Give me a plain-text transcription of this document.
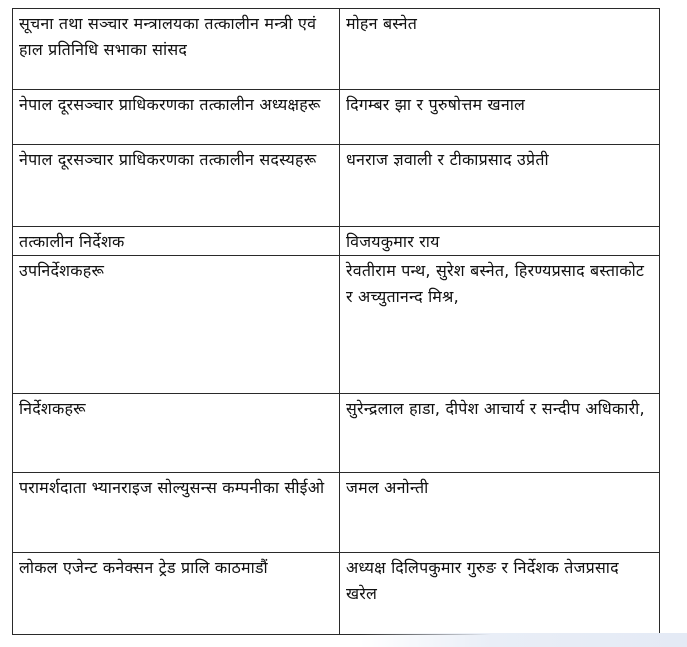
सूचना तथा सञ्चार मन्त्रालयका तत्कालीन मन्त्री एवं हाल प्रतिनिधि सभाका सांसद	मोहन बस्नेत

नेपाल दूरसञ्चार प्राधिकरणका तत्कालीन अध्यक्षहरू	दिगम्बर झा र पुरुषोत्तम खनाल

नेपाल दूरसञ्चार प्राधिकरणका तत्कालीन सदस्यहरू	धनराज ज्ञवाली र टीकाप्रसाद उप्रेती

तत्कालीन निर्देशक	विजयकुमार राय

उपनिर्देशकहरू	रेवतीराम पन्थ, सुरेश बस्नेत, हिरण्यप्रसाद बस्ताकोट र अच्युतानन्द मिश्र,

निर्देशकहरू	सुरेन्द्रलाल हाडा, दीपेश आचार्य र सन्दीप अधिकारी,

परामर्शदाता भ्यानराइज सोल्युसन्स कम्पनीका सीईओ	जमल अनोन्ती

लोकल एजेन्ट कनेक्सन ट्रेड प्रालि काठमाडौं	अध्यक्ष दिलिपकुमार गुरुङ र निर्देशक तेजप्रसाद खरेल
